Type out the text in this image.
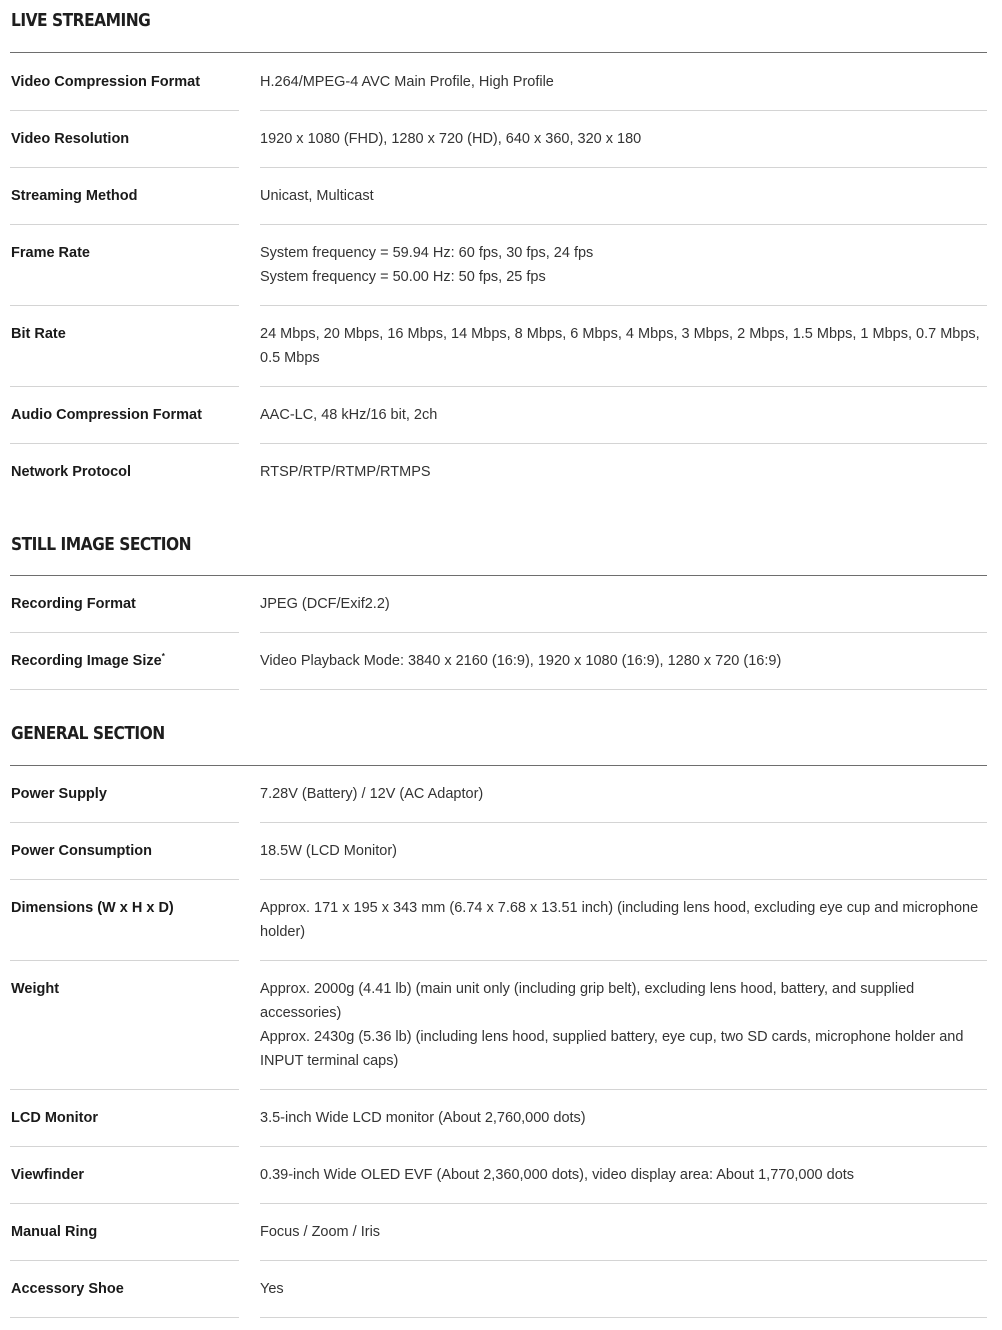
LIVE STREAMING
Video Compression Format	H.264/MPEG-4 AVC Main Profile, High Profile
Video Resolution	1920 x 1080 (FHD), 1280 x 720 (HD), 640 x 360, 320 x 180
Streaming Method	Unicast, Multicast
Frame Rate	System frequency = 59.94 Hz: 60 fps, 30 fps, 24 fps
System frequency = 50.00 Hz: 50 fps, 25 fps
Bit Rate	24 Mbps, 20 Mbps, 16 Mbps, 14 Mbps, 8 Mbps, 6 Mbps, 4 Mbps, 3 Mbps, 2 Mbps, 1.5 Mbps, 1 Mbps, 0.7 Mbps,
0.5 Mbps
Audio Compression Format	AAC-LC, 48 kHz/16 bit, 2ch
Network Protocol	RTSP/RTP/RTMP/RTMPS
STILL IMAGE SECTION
Recording Format	JPEG (DCF/Exif2.2)
Recording Image Size*	Video Playback Mode: 3840 x 2160 (16:9), 1920 x 1080 (16:9), 1280 x 720 (16:9)
GENERAL SECTION
Power Supply	7.28V (Battery) / 12V (AC Adaptor)
Power Consumption	18.5W (LCD Monitor)
Dimensions (W x H x D)	Approx. 171 x 195 x 343 mm (6.74 x 7.68 x 13.51 inch) (including lens hood, excluding eye cup and microphone
holder)
Weight	Approx. 2000g (4.41 lb) (main unit only (including grip belt), excluding lens hood, battery, and supplied
accessories)
Approx. 2430g (5.36 lb) (including lens hood, supplied battery, eye cup, two SD cards, microphone holder and
INPUT terminal caps)
LCD Monitor	3.5-inch Wide LCD monitor (About 2,760,000 dots)
Viewfinder	0.39-inch Wide OLED EVF (About 2,360,000 dots), video display area: About 1,770,000 dots
Manual Ring	Focus / Zoom / Iris
Accessory Shoe	Yes
